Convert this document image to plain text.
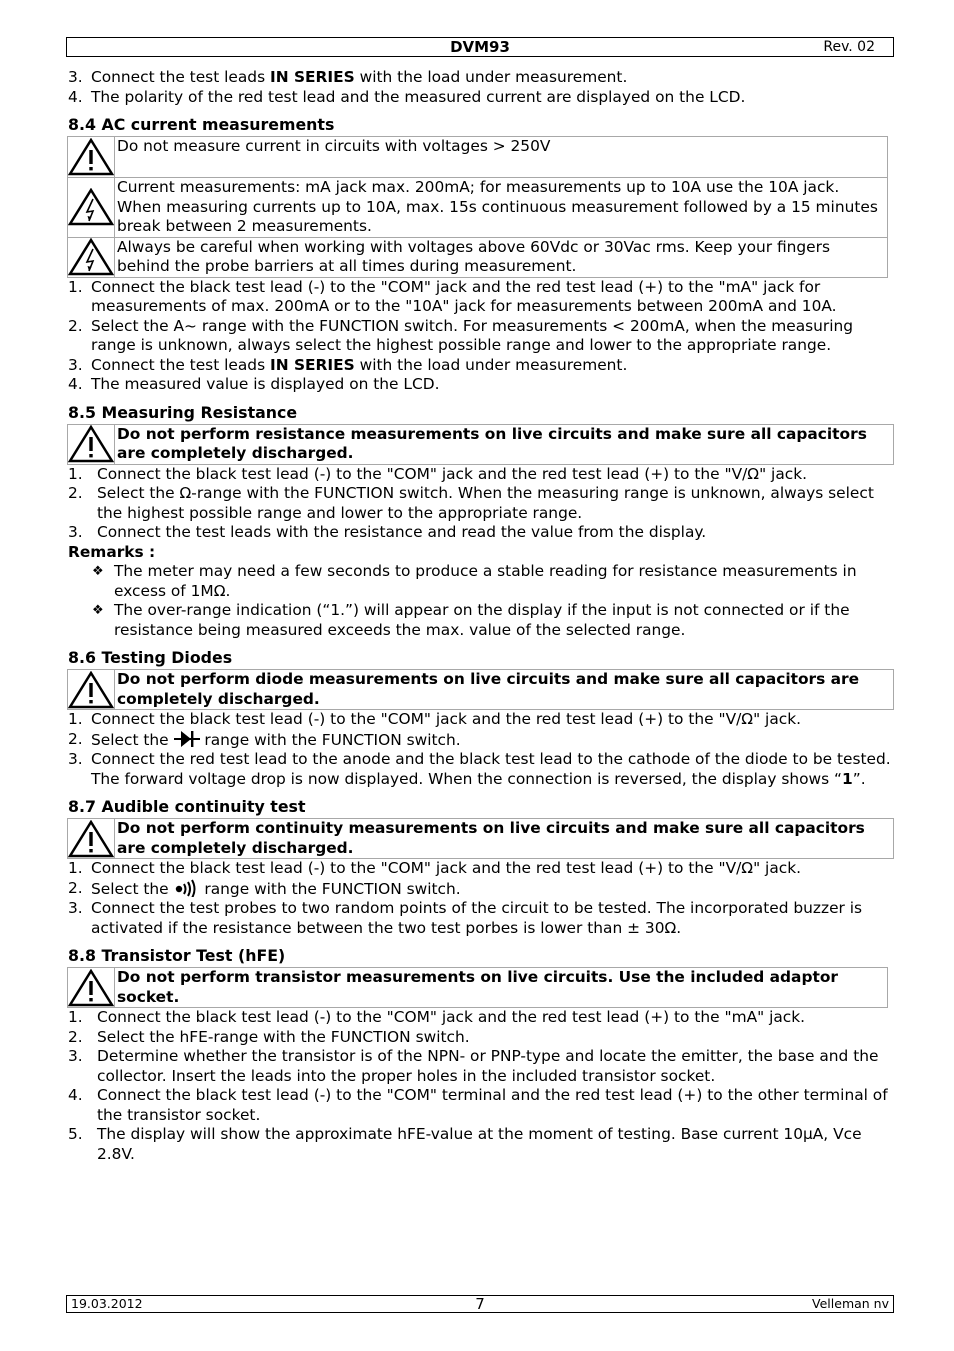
DVM93	Rev. 02
3. Connect the test leads IN SERIES with the load under measurement.
4. The polarity of the red test lead and the measured current are displayed on the LCD.
8.4 AC current measurements
	Do not measure current in circuits with voltages > 250V

	Current measurements: mA jack max. 200mA; for measurements up to 10A use the 10A jack. When measuring currents up to 10A, max. 15s continuous measurement followed by a 15 minutes break between 2 measurements.

	Always be careful when working with voltages above 60Vdc or 30Vac rms. Keep your fingers behind the probe barriers at all times during measurement.
1. Connect the black test lead (-) to the "COM" jack and the red test lead (+) to the "mA" jack for measurements of max. 200mA or to the "10A" jack for measurements between 200mA and 10A.
2. Select the A~ range with the FUNCTION switch. For measurements < 200mA, when the measuring range is unknown, always select the highest possible range and lower to the appropriate range.
3. Connect the test leads IN SERIES with the load under measurement.
4. The measured value is displayed on the LCD.
8.5 Measuring Resistance
	Do not perform resistance measurements on live circuits and make sure all capacitors are completely discharged.
1. Connect the black test lead (-) to the "COM" jack and the red test lead (+) to the "V/Ω" jack.
2. Select the Ω-range with the FUNCTION switch. When the measuring range is unknown, always select the highest possible range and lower to the appropriate range.
3. Connect the test leads with the resistance and read the value from the display.
Remarks :
❖ The meter may need a few seconds to produce a stable reading for resistance measurements in excess of 1MΩ.
❖ The over-range indication (“1.”) will appear on the display if the input is not connected or if the resistance being measured exceeds the max. value of the selected range.
8.6 Testing Diodes
	Do not perform diode measurements on live circuits and make sure all capacitors are completely discharged.
1. Connect the black test lead (-) to the "COM" jack and the red test lead (+) to the "V/Ω" jack.
2. Select the
range with the FUNCTION switch.
3. Connect the red test lead to the anode and the black test lead to the cathode of the diode to be tested. The forward voltage drop is now displayed. When the connection is reversed, the display shows “1”.
8.7 Audible continuity test
	Do not perform continuity measurements on live circuits and make sure all capacitors are completely discharged.
1. Connect the black test lead (-) to the "COM" jack and the red test lead (+) to the "V/Ω" jack.
2. Select the
range with the FUNCTION switch.
3. Connect the test probes to two random points of the circuit to be tested. The incorporated buzzer is activated if the resistance between the two test porbes is lower than ± 30Ω.
8.8 Transistor Test (hFE)
	Do not perform transistor measurements on live circuits. Use the included adaptor socket.
1. Connect the black test lead (-) to the "COM" jack and the red test lead (+) to the "mA" jack.
2. Select the hFE-range with the FUNCTION switch.
3. Determine whether the transistor is of the NPN- or PNP-type and locate the emitter, the base and the collector. Insert the leads into the proper holes in the included transistor socket.
4. Connect the black test lead (-) to the "COM" terminal and the red test lead (+) to the other terminal of the transistor socket.
5. The display will show the approximate hFE-value at the moment of testing. Base current 10μA, Vce 2.8V.
19.03.2012	7	Velleman nv
